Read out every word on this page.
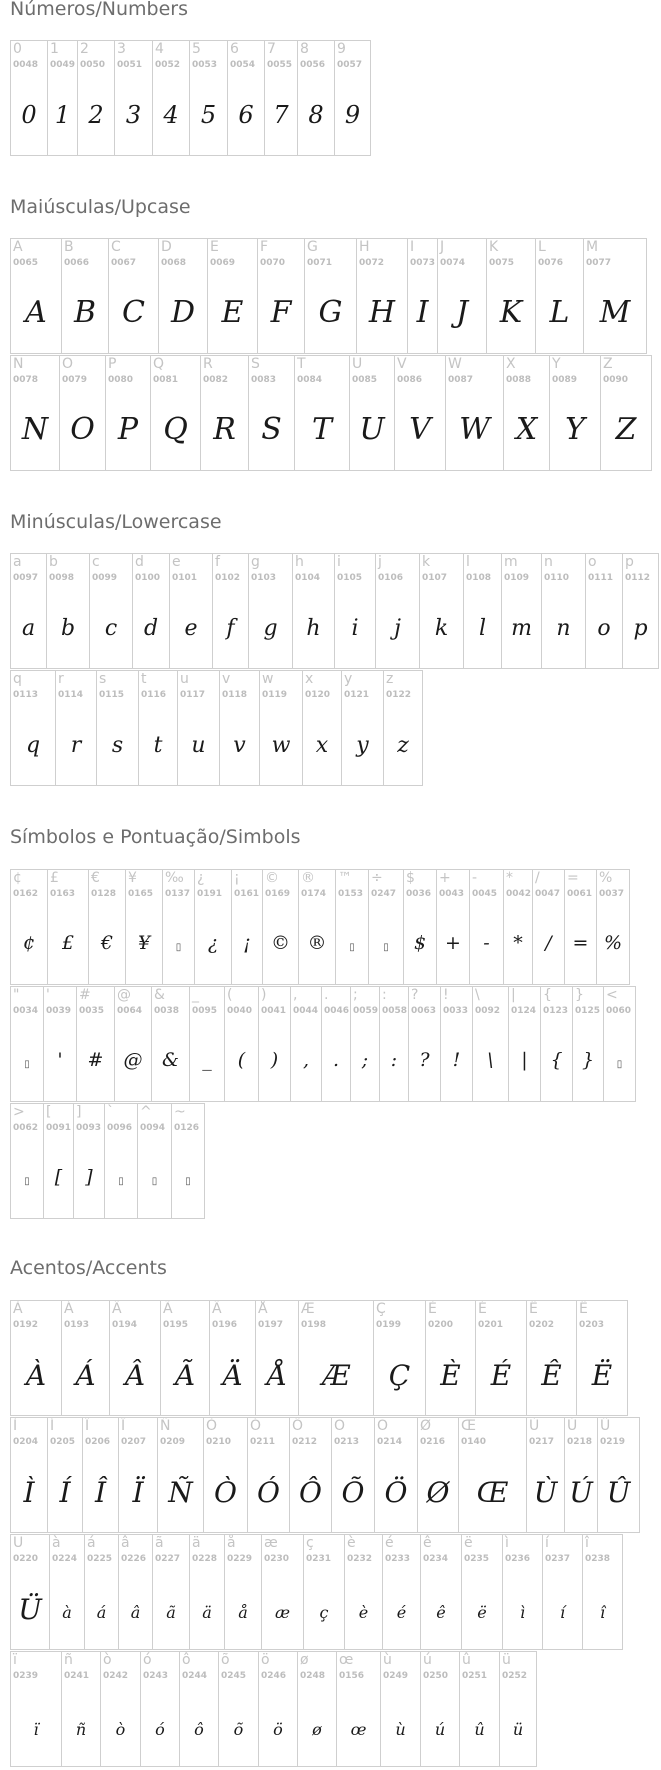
Números/Numbers
Maiúsculas/Upcase
Minúsculas/Lowercase
Símbolos e Pontuação/Simbols
Acentos/Accents
0
0048
0
1
0049
1
2
0050
2
3
0051
3
4
0052
4
5
0053
5
6
0054
6
7
0055
7
8
0056
8
9
0057
9
A
0065
A
B
0066
B
C
0067
C
D
0068
D
E
0069
E
F
0070
F
G
0071
G
H
0072
H
I
0073
I
J
0074
J
K
0075
K
L
0076
L
M
0077
M
N
0078
N
O
0079
O
P
0080
P
Q
0081
Q
R
0082
R
S
0083
S
T
0084
T
U
0085
U
V
0086
V
W
0087
W
X
0088
X
Y
0089
Y
Z
0090
Z
a
0097
a
b
0098
b
c
0099
c
d
0100
d
e
0101
e
f
0102
f
g
0103
g
h
0104
h
i
0105
i
j
0106
j
k
0107
k
l
0108
l
m
0109
m
n
0110
n
o
0111
o
p
0112
p
q
0113
q
r
0114
r
s
0115
s
t
0116
t
u
0117
u
v
0118
v
w
0119
w
x
0120
x
y
0121
y
z
0122
z
¢
0162
¢
£
0163
£
€
0128
€
¥
0165
¥
‰
0137
▯
¿
0191
¿
¡
0161
¡
©
0169
©
®
0174
®
™
0153
▯
÷
0247
▯
$
0036
$
+
0043
+
-
0045
-
*
0042
*
/
0047
/
=
0061
=
%
0037
%
"
0034
▯
'
0039
'
#
0035
#
@
0064
@
&
0038
&
_
0095
_
(
0040
(
)
0041
)
,
0044
,
.
0046
.
;
0059
;
:
0058
:
?
0063
?
!
0033
!
\
0092
\
|
0124
|
{
0123
{
}
0125
}
<
0060
▯
>
0062
▯
[
0091
[
]
0093
]
`
0096
▯
^
0094
▯
~
0126
▯
À
0192
À
Á
0193
Á
Â
0194
Â
Ã
0195
Ã
Ä
0196
Ä
Å
0197
Å
Æ
0198
Æ
Ç
0199
Ç
È
0200
È
É
0201
É
Ê
0202
Ê
Ë
0203
Ë
Ì
0204
Ì
Í
0205
Í
Î
0206
Î
Ï
0207
Ï
Ñ
0209
Ñ
Ò
0210
Ò
Ó
0211
Ó
Ô
0212
Ô
Õ
0213
Õ
Ö
0214
Ö
Ø
0216
Ø
Œ
0140
Œ
Ù
0217
Ù
Ú
0218
Ú
Û
0219
Û
Ü
0220
Ü
à
0224
à
á
0225
á
â
0226
â
ã
0227
ã
ä
0228
ä
å
0229
å
æ
0230
æ
ç
0231
ç
è
0232
è
é
0233
é
ê
0234
ê
ë
0235
ë
ì
0236
ì
í
0237
í
î
0238
î
ï
0239
ï
ñ
0241
ñ
ò
0242
ò
ó
0243
ó
ô
0244
ô
õ
0245
õ
ö
0246
ö
ø
0248
ø
œ
0156
œ
ù
0249
ù
ú
0250
ú
û
0251
û
ü
0252
ü
